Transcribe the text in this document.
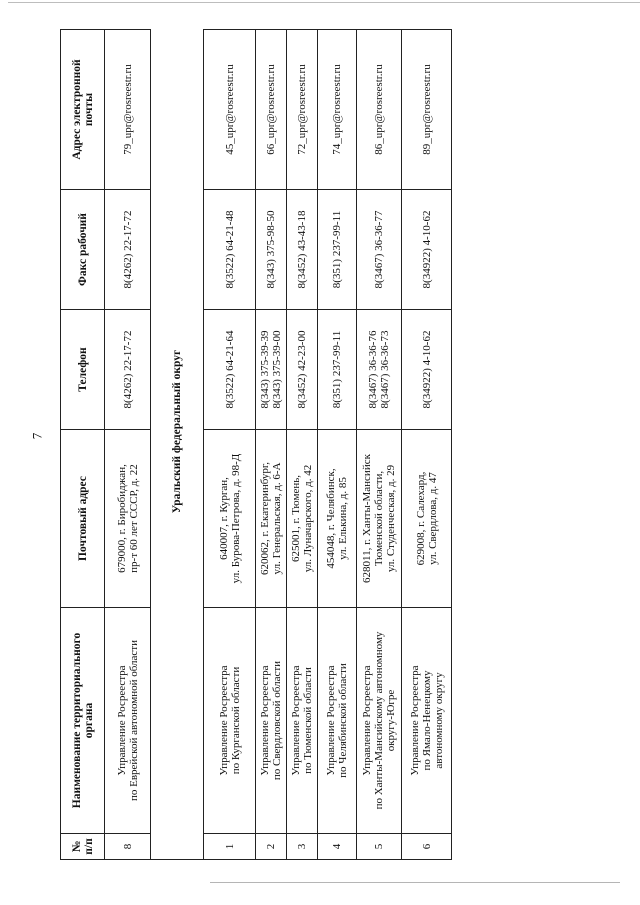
7
№ п/п	Наименование территориального органа	Почтовый адрес	Телефон	Факс рабочий	Адрес электронной почты

8	Управление Росреестра по Еврейской автономной области	679000, г. Биробиджан, пр-т 60 лет СССР, д. 22	8(4262) 22-17-72	8(4262) 22-17-72	79_upr@rosreestr.ru
	Уральский федеральный округ				
1	Управление Росреестра по Курганской области	640007, г. Курган, ул. Бурова-Петрова, д. 98-Д	8(3522) 64-21-64	8(3522) 64-21-48	45_upr@rosreestr.ru
2	Управление Росреестра по Свердловской области	620062, г. Екатеринбург, ул. Генеральская, д. 6-А	8(343) 375-39-39 8(343) 375-39-00	8(343) 375-98-50	66_upr@rosreestr.ru
3	Управление Росреестра по Тюменской области	625001, г. Тюмень, ул. Луначарского, д. 42	8(3452) 42-23-00	8(3452) 43-43-18	72_upr@rosreestr.ru
4	Управление Росреестра по Челябинской области	454048, г. Челябинск, ул. Елькина, д. 85	8(351) 237-99-11	8(351) 237-99-11	74_upr@rosreestr.ru
5	Управление Росреестра по Ханты-Мансийскому автономному округу-Югре	628011, г. Ханты-Мансийск Тюменской области, ул. Студенческая, д. 29	8(3467) 36-36-76 8(3467) 36-36-73	8(3467) 36-36-77	86_upr@rosreestr.ru
6	Управление Росреестра по Ямало-Ненецкому автономному округу	629008, г. Салехард, ул. Свердлова, д. 47	8(34922) 4-10-62	8(34922) 4-10-62	89_upr@rosreestr.ru
